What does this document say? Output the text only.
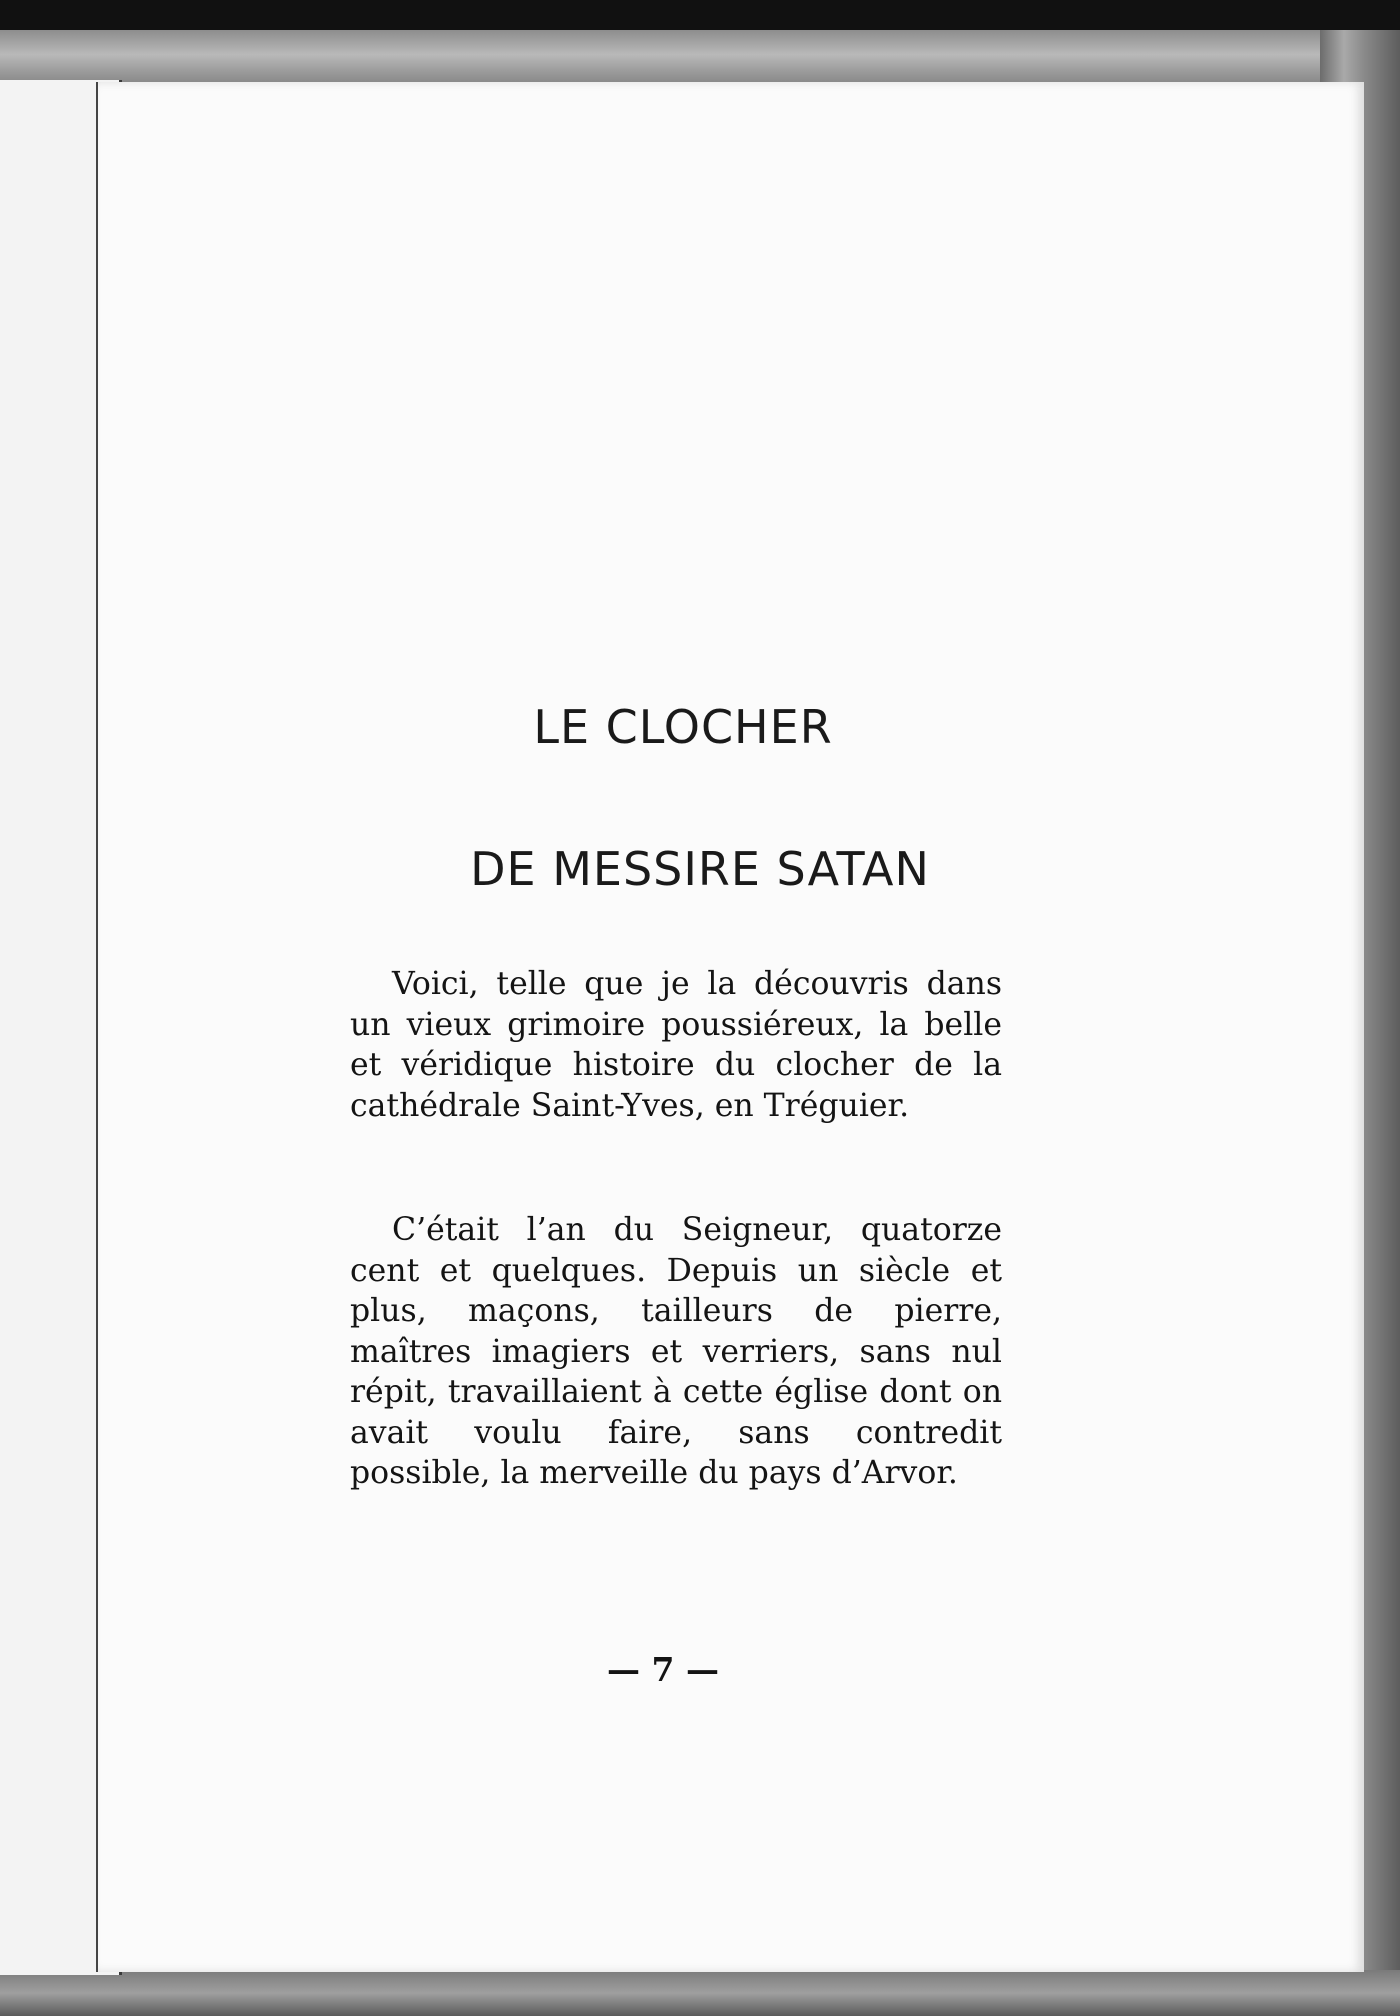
LE CLOCHER
DE MESSIRE SATAN

Voici, telle que je la découvris dans un vieux grimoire poussiéreux, la belle et véridique histoire du clocher de la cathédrale Saint-Yves, en Tréguier.

C’était l’an du Seigneur, quatorze cent et quelques. Depuis un siècle et plus, maçons, tailleurs de pierre, maîtres imagiers et verriers, sans nul répit, travaillaient à cette église dont on avait voulu faire, sans contredit possible, la merveille du pays d’Arvor.

— 7 —
